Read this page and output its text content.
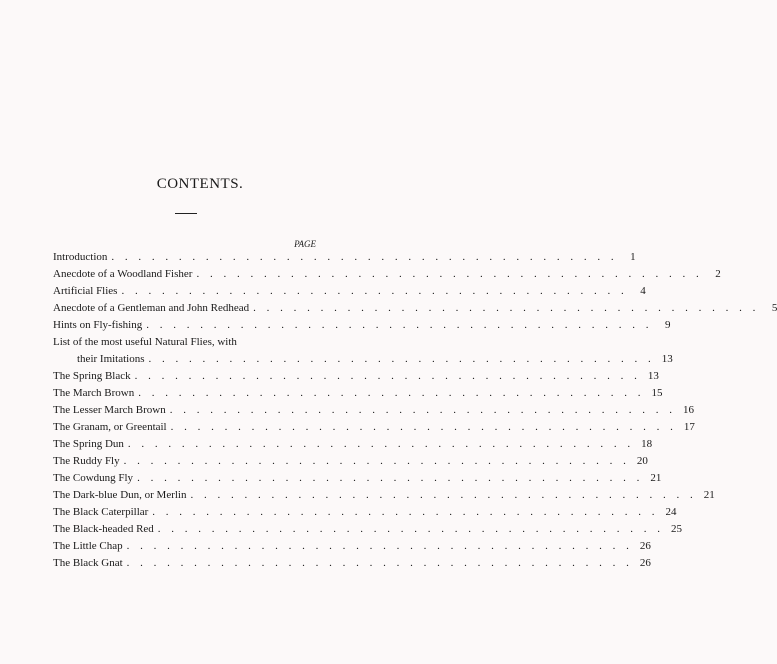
CONTENTS.
PAGE
Introduction . . . . . . . . . . . . . . . . . . . . . . . . . . . . . . . . . . . . . .	1
Anecdote of a Woodland Fisher . . . . . . . . . . . . . . . . . . . . . . . . . . . . . . . . . . . . . .	2
Artificial Flies . . . . . . . . . . . . . . . . . . . . . . . . . . . . . . . . . . . . . .	4
Anecdote of a Gentleman and John Redhead . . . . . . . . . . . . . . . . . . . . . . . . . . . . . . . . . . . . . .	5
Hints on Fly-fishing . . . . . . . . . . . . . . . . . . . . . . . . . . . . . . . . . . . . . .	9
List of the most useful Natural Flies, with
their Imitations . . . . . . . . . . . . . . . . . . . . . . . . . . . . . . . . . . . . . . 13
The Spring Black . . . . . . . . . . . . . . . . . . . . . . . . . . . . . . . . . . . . . . 13
The March Brown . . . . . . . . . . . . . . . . . . . . . . . . . . . . . . . . . . . . . . 15
The Lesser March Brown . . . . . . . . . . . . . . . . . . . . . . . . . . . . . . . . . . . . . . 16
The Granam, or Greentail . . . . . . . . . . . . . . . . . . . . . . . . . . . . . . . . . . . . . . 17
The Spring Dun . . . . . . . . . . . . . . . . . . . . . . . . . . . . . . . . . . . . . . 18
The Ruddy Fly . . . . . . . . . . . . . . . . . . . . . . . . . . . . . . . . . . . . . . 20
The Cowdung Fly . . . . . . . . . . . . . . . . . . . . . . . . . . . . . . . . . . . . . . 21
The Dark-blue Dun, or Merlin . . . . . . . . . . . . . . . . . . . . . . . . . . . . . . . . . . . . . . 21
The Black Caterpillar . . . . . . . . . . . . . . . . . . . . . . . . . . . . . . . . . . . . . . 24
The Black-headed Red . . . . . . . . . . . . . . . . . . . . . . . . . . . . . . . . . . . . . . 25
The Little Chap . . . . . . . . . . . . . . . . . . . . . . . . . . . . . . . . . . . . . . 26
The Black Gnat . . . . . . . . . . . . . . . . . . . . . . . . . . . . . . . . . . . . . . 26
